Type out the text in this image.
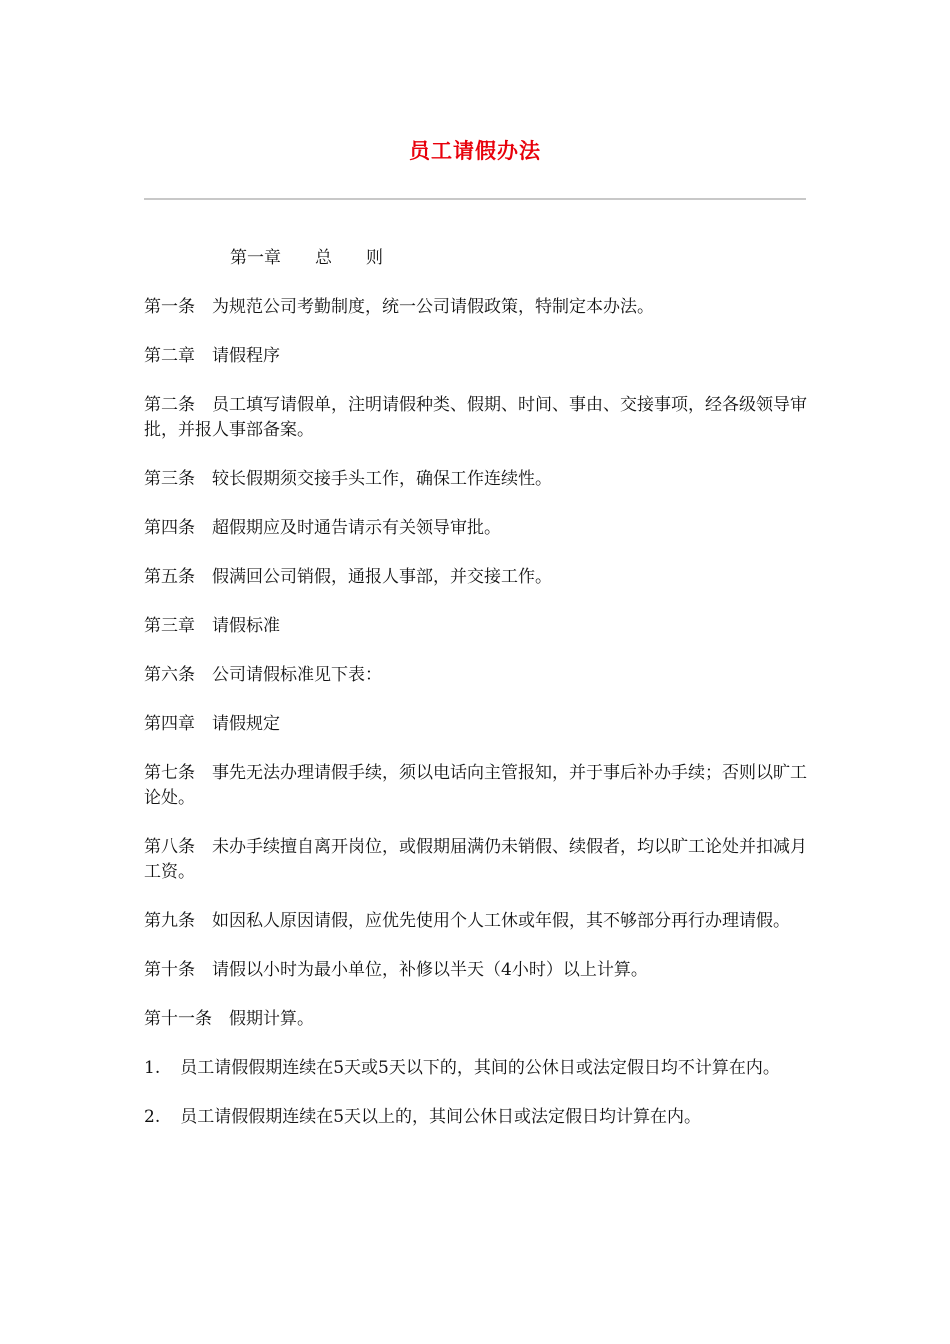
员工请假办法
第一章 总 则
第一条 为规范公司考勤制度，统一公司请假政策，特制定本办法。
第二章 请假程序
第二条 员工填写请假单，注明请假种类、假期、时间、事由、交接事项，经各级领导审批，并报人事部备案。
第三条 较长假期须交接手头工作，确保工作连续性。
第四条 超假期应及时通告请示有关领导审批。
第五条 假满回公司销假，通报人事部，并交接工作。
第三章 请假标准
第六条 公司请假标准见下表：
第四章 请假规定
第七条 事先无法办理请假手续，须以电话向主管报知，并于事后补办手续；否则以旷工论处。
第八条 未办手续擅自离开岗位，或假期届满仍未销假、续假者，均以旷工论处并扣减月工资。
第九条 如因私人原因请假，应优先使用个人工休或年假，其不够部分再行办理请假。
第十条 请假以小时为最小单位，补修以半天（4小时）以上计算。
第十一条 假期计算。
1. 员工请假假期连续在5天或5天以下的，其间的公休日或法定假日均不计算在内。
2. 员工请假假期连续在5天以上的，其间公休日或法定假日均计算在内。
